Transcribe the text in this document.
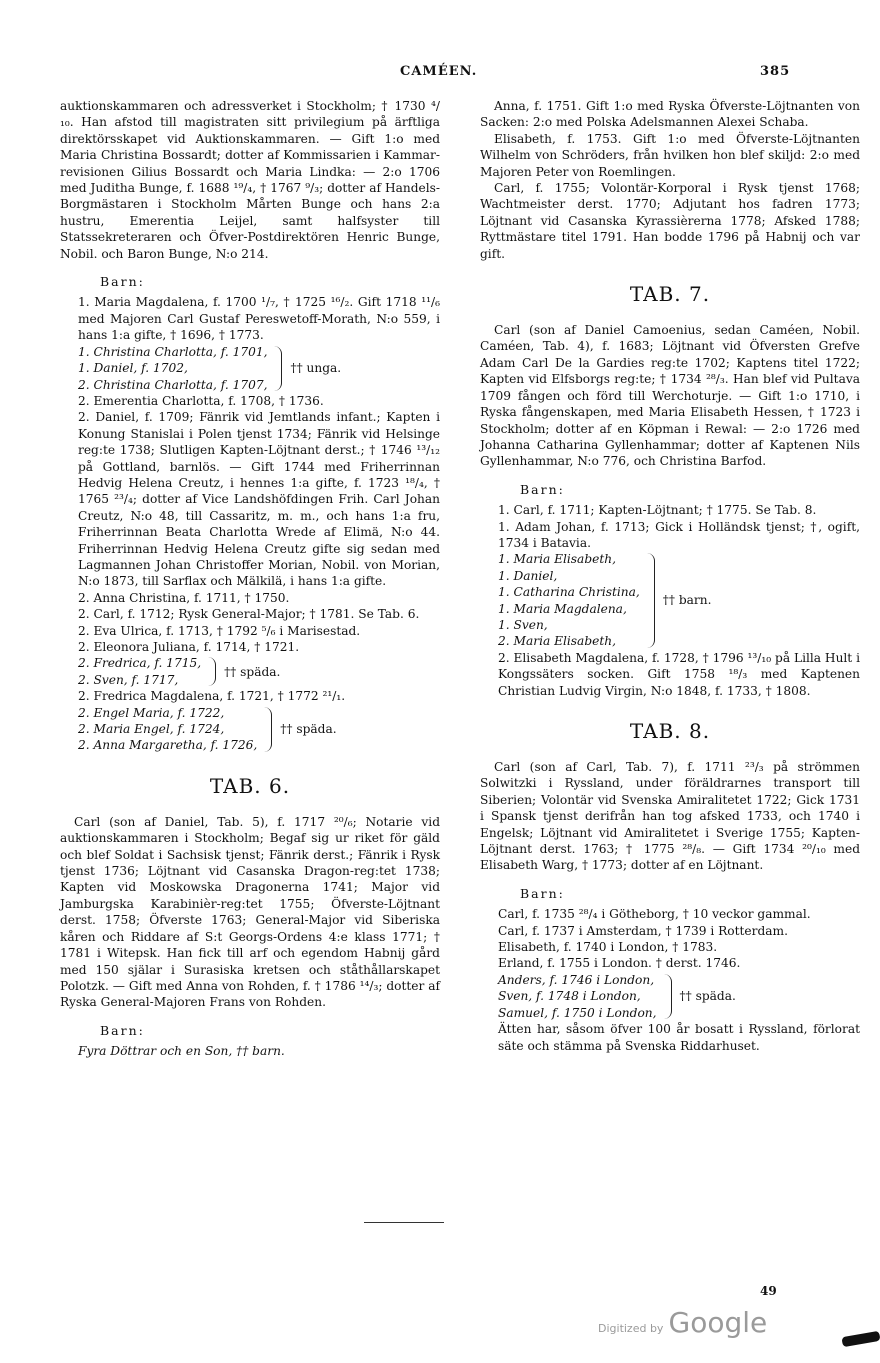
CAMÉEN.	385

auktionskammaren och adressverket i Stockholm; † 1730 ⁴/₁₀. Han afstod till magistraten sitt privilegium på ärftliga direktörsskapet vid Auktionskammaren. — Gift 1:o med Maria Christina Bossardt; dotter af Kommissarien i Kammar-revisionen Gilius Bossardt och Maria Lindka: — 2:o 1706 med Juditha Bunge, f. 1688 ¹⁹/₄, † 1767 ⁹/₃; dotter af Handels-Borgmästaren i Stockholm Mårten Bunge och hans 2:a hustru, Emerentia Leijel, samt halfsyster till Statssekreteraren och Öfver-Postdirektören Henric Bunge, Nobil. och Baron Bunge, N:o 214.

Barn:

1. Maria Magdalena, f. 1700 ¹/₇, † 1725 ¹⁶/₂. Gift 1718 ¹¹/₆ med Majoren Carl Gustaf Pereswetoff-Morath, N:o 559, i hans 1:a gifte, † 1696, † 1773.

1. Christina Charlotta, f. 1701,
1. Daniel, f. 1702,
2. Christina Charlotta, f. 1707,
†† unga.

2. Emerentia Charlotta, f. 1708, † 1736.

2. Daniel, f. 1709; Fänrik vid Jemtlands infant.; Kapten i Konung Stanislai i Polen tjenst 1734; Fänrik vid Helsinge reg:te 1738; Slutligen Kapten-Löjtnant derst.; † 1746 ¹³/₁₂ på Gottland, barnlös. — Gift 1744 med Friherrinnan Hedvig Helena Creutz, i hennes 1:a gifte, f. 1723 ¹⁸/₄, † 1765 ²³/₄; dotter af Vice Landshöfdingen Frih. Carl Johan Creutz, N:o 48, till Cassaritz, m. m., och hans 1:a fru, Friherrinnan Beata Charlotta Wrede af Elimä, N:o 44. Friherrinnan Hedvig Helena Creutz gifte sig sedan med Lagmannen Johan Christoffer Morian, Nobil. von Morian, N:o 1873, till Sarflax och Mälkilä, i hans 1:a gifte.

2. Anna Christina, f. 1711, † 1750.

2. Carl, f. 1712; Rysk General-Major; † 1781. Se Tab. 6.

2. Eva Ulrica, f. 1713, † 1792 ⁵/₆ i Marisestad.

2. Eleonora Juliana, f. 1714, † 1721.

2. Fredrica, f. 1715,
2. Sven, f. 1717,
†† späda.

2. Fredrica Magdalena, f. 1721, † 1772 ²¹/₁.

2. Engel Maria, f. 1722,
2. Maria Engel, f. 1724,
2. Anna Margaretha, f. 1726,
†† späda.
TAB. 6.

Carl (son af Daniel, Tab. 5), f. 1717 ²⁰/₆; Notarie vid auktionskammaren i Stockholm; Begaf sig ur riket för gäld och blef Soldat i Sachsisk tjenst; Fänrik derst.; Fänrik i Rysk tjenst 1736; Löjtnant vid Casanska Dragon-reg:tet 1738; Kapten vid Moskowska Dragonerna 1741; Major vid Jamburgska Karabinièr-reg:tet 1755; Öfverste-Löjtnant derst. 1758; Öfverste 1763; General-Major vid Siberiska kåren och Riddare af S:t Georgs-Ordens 4:e klass 1771; † 1781 i Witepsk. Han fick till arf och egendom Habnij gård med 150 själar i Surasiska kretsen och ståthållarskapet Polotzk. — Gift med Anna von Rohden, f. † 1786 ¹⁴/₃; dotter af Ryska General-Majoren Frans von Rohden.

Barn:

Fyra Döttrar och en Son, †† barn.

Anna, f. 1751. Gift 1:o med Ryska Öfverste-Löjtnanten von Sacken: 2:o med Polska Adelsmannen Alexei Schaba.

Elisabeth, f. 1753. Gift 1:o med Öfverste-Löjtnanten Wilhelm von Schröders, från hvilken hon blef skiljd: 2:o med Majoren Peter von Roemlingen.

Carl, f. 1755; Volontär-Korporal i Rysk tjenst 1768; Wachtmeister derst. 1770; Adjutant hos fadren 1773; Löjtnant vid Casanska Kyrassièrerna 1778; Afsked 1788; Ryttmästare titel 1791. Han bodde 1796 på Habnij och var gift.

TAB. 7.

Carl (son af Daniel Camoenius, sedan Caméen, Nobil. Caméen, Tab. 4), f. 1683; Löjtnant vid Öfversten Grefve Adam Carl De la Gardies reg:te 1702; Kaptens titel 1722; Kapten vid Elfsborgs reg:te; † 1734 ²⁸/₃. Han blef vid Pultava 1709 fången och förd till Werchoturje. — Gift 1:o 1710, i Ryska fångenskapen, med Maria Elisabeth Hessen, † 1723 i Stockholm; dotter af en Köpman i Rewal: — 2:o 1726 med Johanna Catharina Gyllenhammar; dotter af Kaptenen Nils Gyllenhammar, N:o 776, och Christina Barfod.

Barn:

1. Carl, f. 1711; Kapten-Löjtnant; † 1775. Se Tab. 8.

1. Adam Johan, f. 1713; Gick i Holländsk tjenst; †, ogift, 1734 i Batavia.

1. Maria Elisabeth,
1. Daniel,
1. Catharina Christina,
1. Maria Magdalena,
1. Sven,
2. Maria Elisabeth,
†† barn.

2. Elisabeth Magdalena, f. 1728, † 1796 ¹³/₁₀ på Lilla Hult i Kongssäters socken. Gift 1758 ¹⁸/₃ med Kaptenen Christian Ludvig Virgin, N:o 1848, f. 1733, † 1808.

TAB. 8.

Carl (son af Carl, Tab. 7), f. 1711 ²³/₃ på strömmen Solwitzki i Ryssland, under föräldrarnes transport till Siberien; Volontär vid Svenska Amiralitetet 1722; Gick 1731 i Spansk tjenst derifrån han tog afsked 1733, och 1740 i Engelsk; Löjtnant vid Amiralitetet i Sverige 1755; Kapten-Löjtnant derst. 1763; † 1775 ²⁸/₈. — Gift 1734 ²⁰/₁₀ med Elisabeth Warg, † 1773; dotter af en Löjtnant.

Barn:

Carl, f. 1735 ²⁸/₄ i Götheborg, † 10 veckor gammal.

Carl, f. 1737 i Amsterdam, † 1739 i Rotterdam.

Elisabeth, f. 1740 i London, † 1783.

Erland, f. 1755 i London. † derst. 1746.

Anders, f. 1746 i London,
Sven, f. 1748 i London,
Samuel, f. 1750 i London,
†† späda.

Ätten har, såsom öfver 100 år bosatt i Ryssland, förlorat säte och stämma på Svenska Riddarhuset.

49
Digitized by Google
